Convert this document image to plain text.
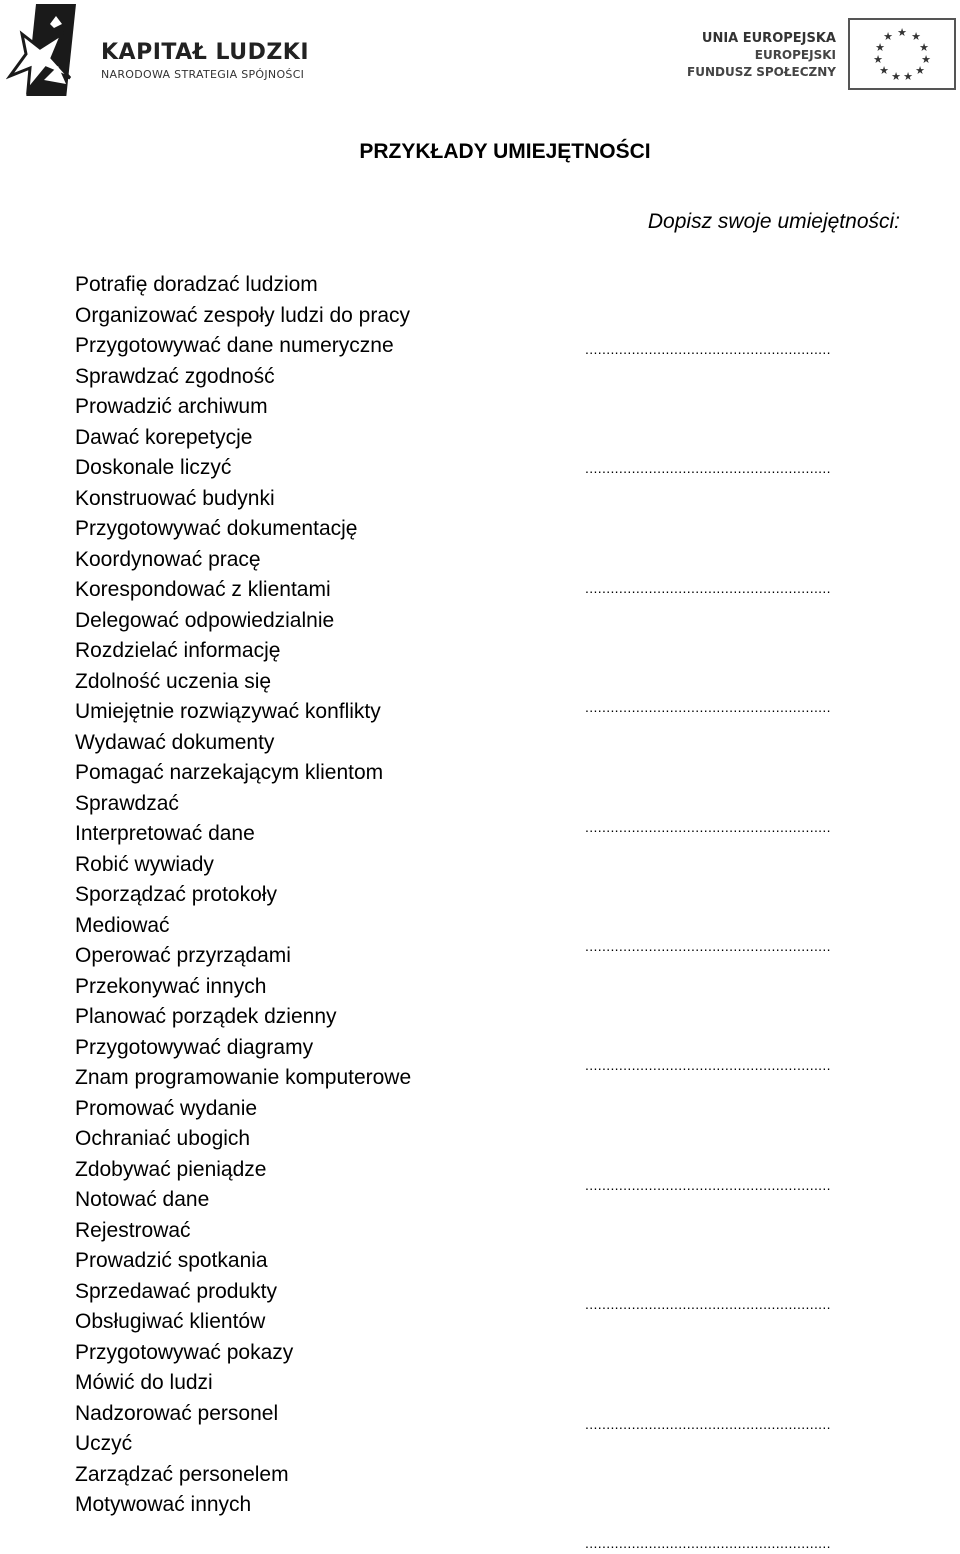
KAPITAŁ LUDZKI
NARODOWA STRATEGIA SPÓJNOŚCI
UNIA EUROPEJSKA
EUROPEJSKI
FUNDUSZ SPOŁECZNY
★ ★
★
★
★
★
★
★
★
★
★
PRZYKŁADY UMIEJĘTNOŚCI
Dopisz swoje umiejętności:
Potrafię doradzać ludziom
Organizować zespoły ludzi do pracy
Przygotowywać dane numeryczne
Sprawdzać zgodność
Prowadzić archiwum
Dawać korepetycje
Doskonale liczyć
Konstruować budynki
Przygotowywać dokumentację
Koordynować pracę
Korespondować z klientami
Delegować odpowiedzialnie
Rozdzielać informację
Zdolność uczenia się
Umiejętnie rozwiązywać konflikty
Wydawać dokumenty
Pomagać narzekającym klientom
Sprawdzać
Interpretować dane
Robić wywiady
Sporządzać protokoły
Mediować
Operować przyrządami
Przekonywać innych
Planować porządek dzienny
Przygotowywać diagramy
Znam programowanie komputerowe
Promować wydanie
Ochraniać ubogich
Zdobywać pieniądze
Notować dane
Rejestrować
Prowadzić spotkania
Sprzedawać produkty
Obsługiwać klientów
Przygotowywać pokazy
Mówić do ludzi
Nadzorować personel
Uczyć
Zarządzać personelem
Motywować innych
..........................................................
..........................................................
..........................................................
..........................................................
..........................................................
..........................................................
..........................................................
..........................................................
..........................................................
..........................................................
..........................................................
